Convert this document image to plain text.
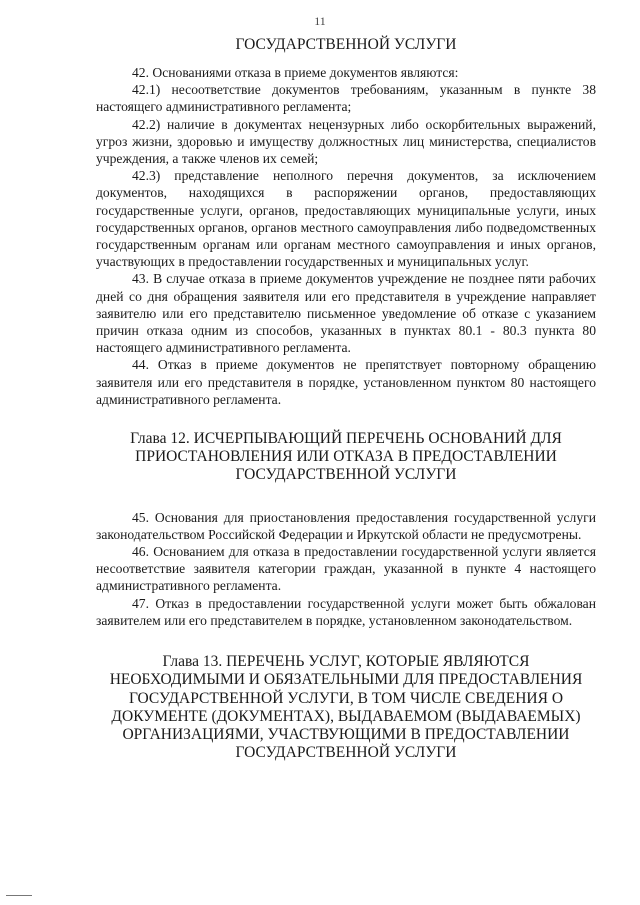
11
ГОСУДАРСТВЕННОЙ УСЛУГИ

42. Основаниями отказа в приеме документов являются:

42.1) несоответствие документов требованиям, указанным в пункте 38 настоящего административного регламента;

42.2) наличие в документах нецензурных либо оскорбительных выражений, угроз жизни, здоровью и имуществу должностных лиц министерства, специалистов учреждения, а также членов их семей;

42.3) представление неполного перечня документов, за исключением документов, находящихся в распоряжении органов, предоставляющих государственные услуги, органов, предоставляющих муниципальные услуги, иных государственных органов, органов местного самоуправления либо подведомственных государственным органам или органам местного самоуправления и иных органов, участвующих в предоставлении государственных и муниципальных услуг.

43. В случае отказа в приеме документов учреждение не позднее пяти рабочих дней со дня обращения заявителя или его представителя в учреждение направляет заявителю или его представителю письменное уведомление об отказе с указанием причин отказа одним из способов, указанных в пунктах 80.1 - 80.3 пункта 80 настоящего административного регламента.

44. Отказ в приеме документов не препятствует повторному обращению заявителя или его представителя в порядке, установленном пунктом 80 настоящего административного регламента.

Глава 12. ИСЧЕРПЫВАЮЩИЙ ПЕРЕЧЕНЬ ОСНОВАНИЙ ДЛЯ ПРИОСТАНОВЛЕНИЯ ИЛИ ОТКАЗА В ПРЕДОСТАВЛЕНИИ ГОСУДАРСТВЕННОЙ УСЛУГИ

45. Основания для приостановления предоставления государственной услуги законодательством Российской Федерации и Иркутской области не предусмотрены.

46. Основанием для отказа в предоставлении государственной услуги является несоответствие заявителя категории граждан, указанной в пункте 4 настоящего административного регламента.

47. Отказ в предоставлении государственной услуги может быть обжалован заявителем или его представителем в порядке, установленном законодательством.

Глава 13. ПЕРЕЧЕНЬ УСЛУГ, КОТОРЫЕ ЯВЛЯЮТСЯ НЕОБХОДИМЫМИ И ОБЯЗАТЕЛЬНЫМИ ДЛЯ ПРЕДОСТАВЛЕНИЯ ГОСУДАРСТВЕННОЙ УСЛУГИ, В ТОМ ЧИСЛЕ СВЕДЕНИЯ О ДОКУМЕНТЕ (ДОКУМЕНТАХ), ВЫДАВАЕМОМ (ВЫДАВАЕМЫХ) ОРГАНИЗАЦИЯМИ, УЧАСТВУЮЩИМИ В ПРЕДОСТАВЛЕНИИ ГОСУДАРСТВЕННОЙ УСЛУГИ
